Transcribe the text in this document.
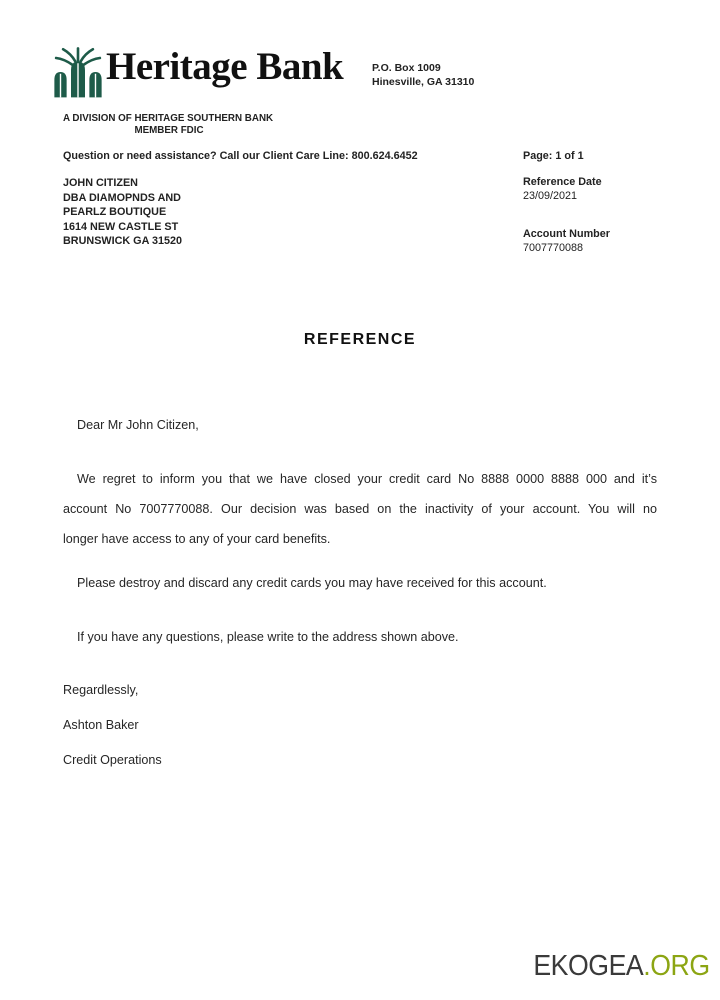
Heritage Bank	P.O. Box 1009
Hinesville, GA 31310
A DIVISION OF HERITAGE SOUTHERN BANK
MEMBER FDIC
Question or need assistance? Call our Client Care Line: 800.624.6452	Page: 1 of 1
JOHN CITIZEN
DBA DIAMOPNDS AND
PEARLZ BOUTIQUE
1614 NEW CASTLE ST
BRUNSWICK GA 31520
Reference Date
23/09/2021
Account Number
7007770088
REFERENCE
Dear Mr John Citizen,
We regret to inform you that we have closed your credit card No 8888 0000 8888 000 and it’s
account No 7007770088. Our decision was based on the inactivity of your account. You will no
longer have access to any of your card benefits.
Please destroy and discard any credit cards you may have received for this account.
If you have any questions, please write to the address shown above.
Regardlessly,
Ashton Baker
Credit Operations
EKOGEA.ORG
